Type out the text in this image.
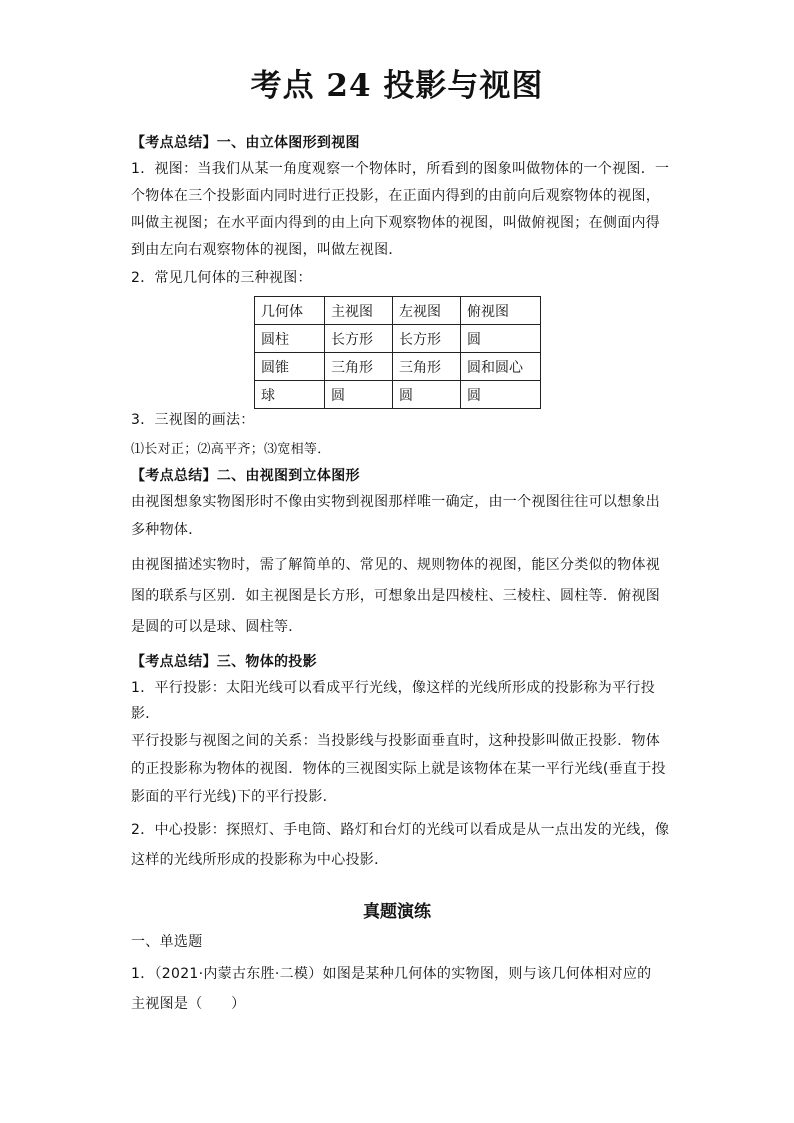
考点 24 投影与视图
【考点总结】一、由立体图形到视图
1．视图：当我们从某一角度观察一个物体时，所看到的图象叫做物体的一个视图．一
个物体在三个投影面内同时进行正投影，在正面内得到的由前向后观察物体的视图，
叫做主视图；在水平面内得到的由上向下观察物体的视图，叫做俯视图；在侧面内得
到由左向右观察物体的视图，叫做左视图．
2．常见几何体的三种视图：
几何体	主视图	左视图	俯视图
圆柱	长方形	长方形	圆
圆锥	三角形	三角形	圆和圆心
球	圆	圆	圆
3．三视图的画法：
⑴长对正；⑵高平齐；⑶宽相等．
【考点总结】二、由视图到立体图形
由视图想象实物图形时不像由实物到视图那样唯一确定，由一个视图往往可以想象出
多种物体．
由视图描述实物时，需了解简单的、常见的、规则物体的视图，能区分类似的物体视
图的联系与区别．如主视图是长方形，可想象出是四棱柱、三棱柱、圆柱等．俯视图
是圆的可以是球、圆柱等．
【考点总结】三、物体的投影
1．平行投影：太阳光线可以看成平行光线，像这样的光线所形成的投影称为平行投
影．
平行投影与视图之间的关系：当投影线与投影面垂直时，这种投影叫做正投影．物体
的正投影称为物体的视图．物体的三视图实际上就是该物体在某一平行光线(垂直于投
影面的平行光线)下的平行投影．
2．中心投影：探照灯、手电筒、路灯和台灯的光线可以看成是从一点出发的光线，像
这样的光线所形成的投影称为中心投影．
真题演练
一、单选题
1．（2021·内蒙古东胜·二模）如图是某种几何体的实物图，则与该几何体相对应的
主视图是（　　）
